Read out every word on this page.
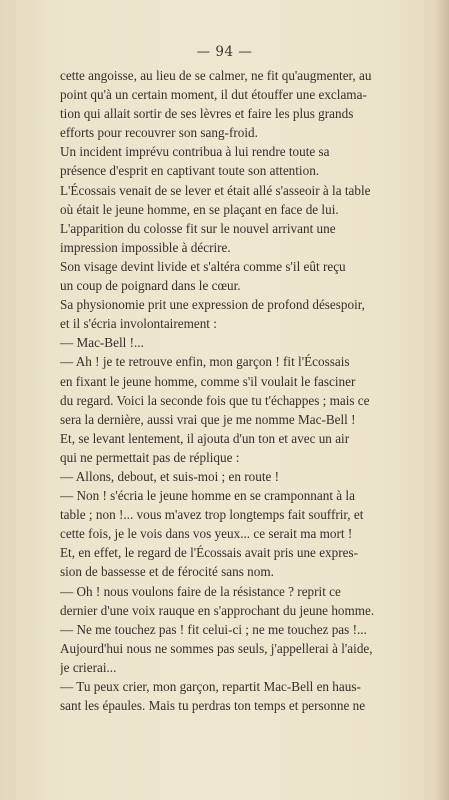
— 94 —
cette angoisse, au lieu de se calmer, ne fit qu'augmenter, au
point qu'à un certain moment, il dut étouffer une exclama-
tion qui allait sortir de ses lèvres et faire les plus grands
efforts pour recouvrer son sang-froid.
Un incident imprévu contribua à lui rendre toute sa
présence d'esprit en captivant toute son attention.
L'Écossais venait de se lever et était allé s'asseoir à la table
où était le jeune homme, en se plaçant en face de lui.
L'apparition du colosse fit sur le nouvel arrivant une
impression impossible à décrire.
Son visage devint livide et s'altéra comme s'il eût reçu
un coup de poignard dans le cœur.
Sa physionomie prit une expression de profond désespoir,
et il s'écria involontairement :
— Mac-Bell !...
— Ah ! je te retrouve enfin, mon garçon ! fit l'Écossais
en fixant le jeune homme, comme s'il voulait le fasciner
du regard. Voici la seconde fois que tu t'échappes ; mais ce
sera la dernière, aussi vrai que je me nomme Mac-Bell !
Et, se levant lentement, il ajouta d'un ton et avec un air
qui ne permettait pas de réplique :
— Allons, debout, et suis-moi ; en route !
— Non ! s'écria le jeune homme en se cramponnant à la
table ; non !... vous m'avez trop longtemps fait souffrir, et
cette fois, je le vois dans vos yeux... ce serait ma mort !
Et, en effet, le regard de l'Écossais avait pris une expres-
sion de bassesse et de férocité sans nom.
— Oh ! nous voulons faire de la résistance ? reprit ce
dernier d'une voix rauque en s'approchant du jeune homme.
— Ne me touchez pas ! fit celui-ci ; ne me touchez pas !...
Aujourd'hui nous ne sommes pas seuls, j'appellerai à l'aide,
je crierai...
— Tu peux crier, mon garçon, repartit Mac-Bell en haus-
sant les épaules. Mais tu perdras ton temps et personne ne
